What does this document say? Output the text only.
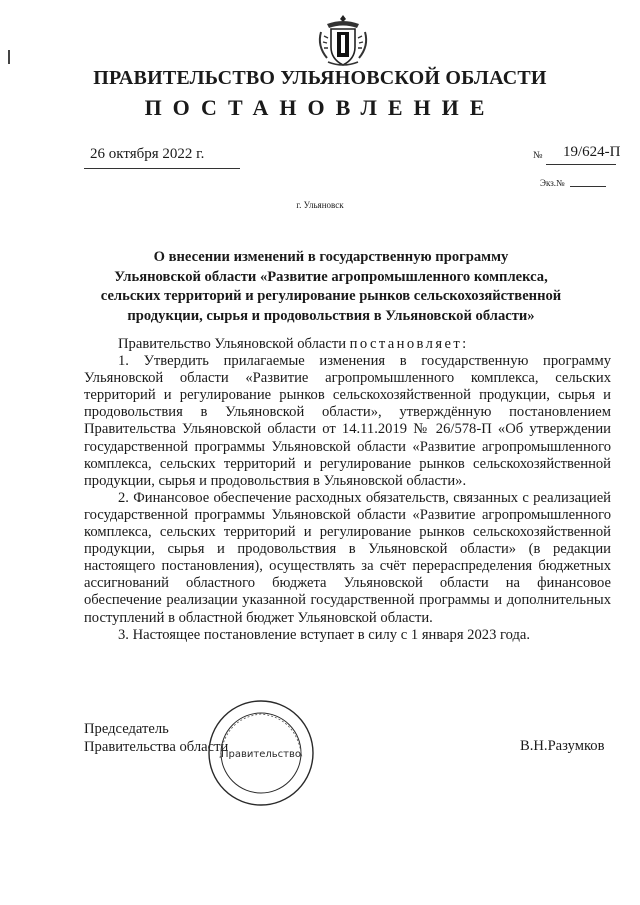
ПРАВИТЕЛЬСТВО УЛЬЯНОВСКОЙ ОБЛАСТИ
ПОСТАНОВЛЕНИЕ
26 октября 2022 г.	№ 19/624-П
Экз.№
г. Ульяновск
О внесении изменений в государственную программу
Ульяновской области «Развитие агропромышленного комплекса,
сельских территорий и регулирование рынков сельскохозяйственной
продукции, сырья и продовольствия в Ульяновской области»

Правительство Ульяновской области постановляет:

1. Утвердить прилагаемые изменения в государственную программу Ульяновской области «Развитие агропромышленного комплекса, сельских территорий и регулирование рынков сельскохозяйственной продукции, сырья и продовольствия в Ульяновской области», утверждённую постановлением Правительства Ульяновской области от 14.11.2019 № 26/578-П «Об утверждении государственной программы Ульяновской области «Развитие агропромышленного комплекса, сельских территорий и регулирование рынков сельскохозяйственной продукции, сырья и продовольствия в Ульяновской области».

2. Финансовое обеспечение расходных обязательств, связанных с реализацией государственной программы Ульяновской области «Развитие агропромышленного комплекса, сельских территорий и регулирование рынков сельскохозяйственной продукции, сырья и продовольствия в Ульяновской области» (в редакции настоящего постановления), осуществлять за счёт перераспределения бюджетных ассигнований областного бюджета Ульяновской области на финансовое обеспечение реализации указанной государственной программы и дополнительных поступлений в областной бюджет Ульяновской области.

3. Настоящее постановление вступает в силу с 1 января 2023 года.

Председатель
Правительства области
Правительство
В.Н.Разумков
